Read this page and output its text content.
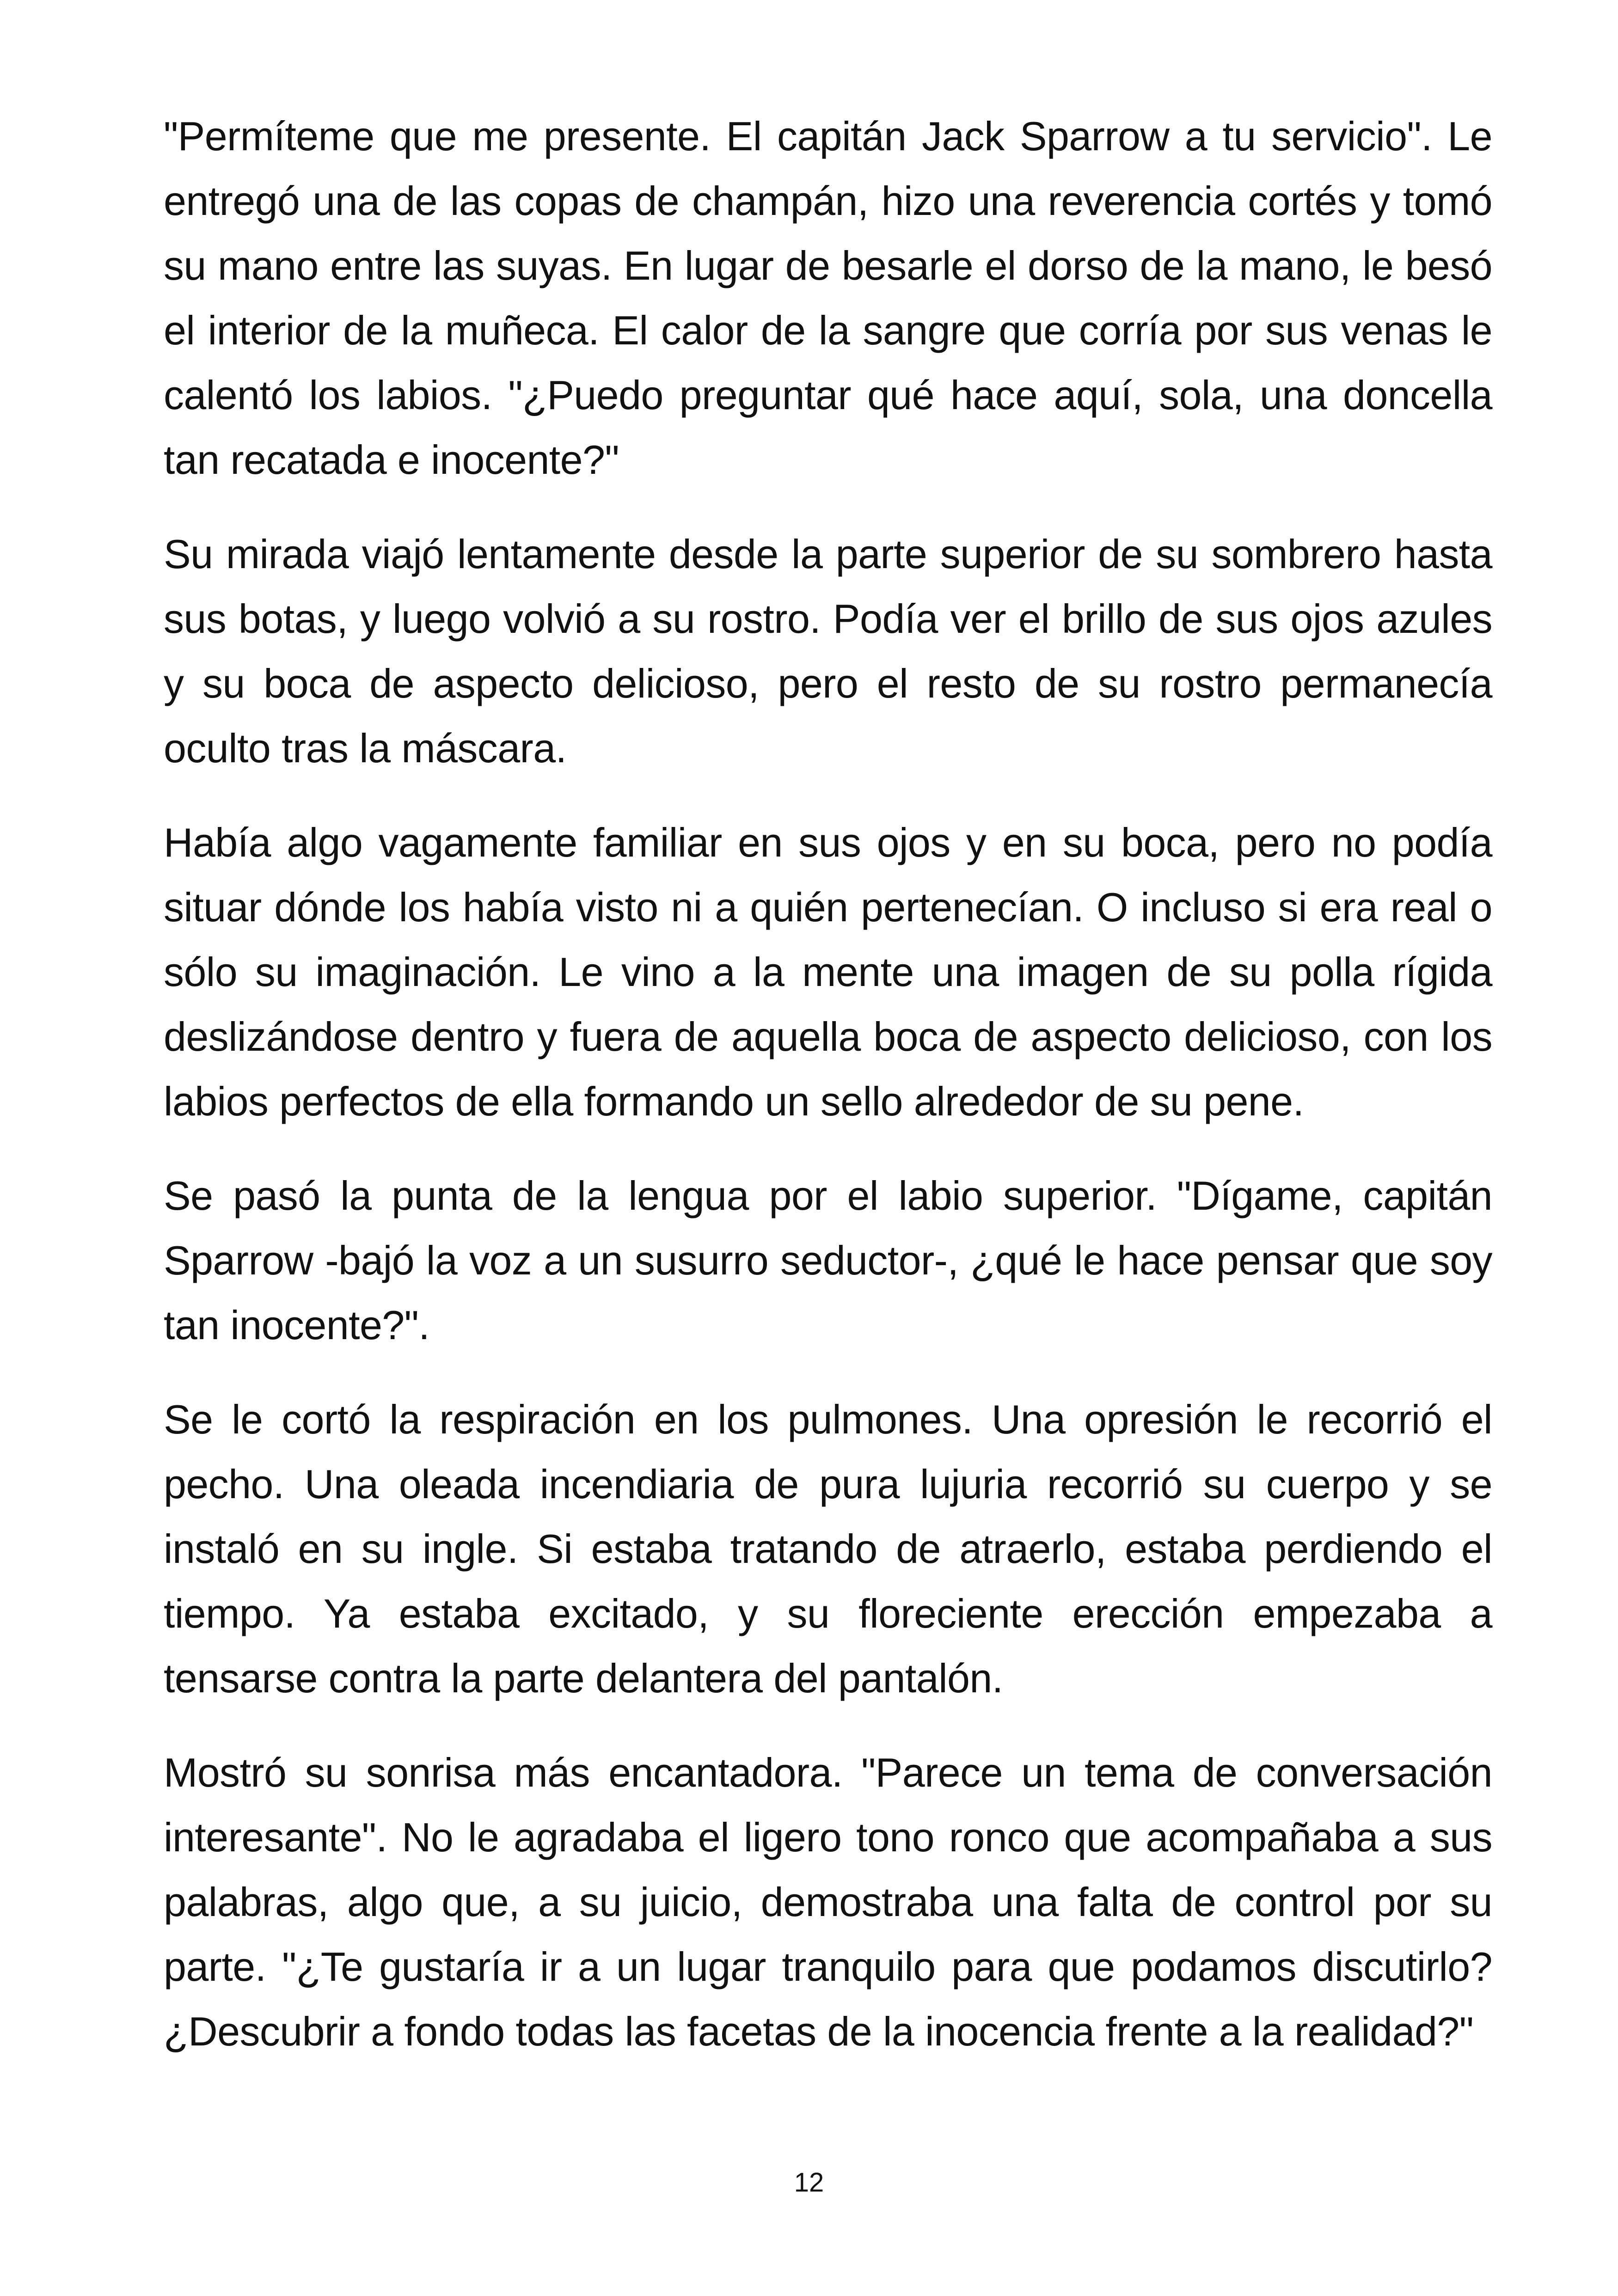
"Permíteme que me presente. El capitán Jack Sparrow a tu servicio". Le entregó una de las copas de champán, hizo una reverencia cortés y tomó su mano entre las suyas. En lugar de besarle el dorso de la mano, le besó el interior de la muñeca. El calor de la sangre que corría por sus venas le calentó los labios. "¿Puedo preguntar qué hace aquí, sola, una doncella tan recatada e inocente?"

Su mirada viajó lentamente desde la parte superior de su sombrero hasta sus botas, y luego volvió a su rostro. Podía ver el brillo de sus ojos azules y su boca de aspecto delicioso, pero el resto de su rostro permanecía oculto tras la máscara.

Había algo vagamente familiar en sus ojos y en su boca, pero no podía situar dónde los había visto ni a quién pertenecían. O incluso si era real o sólo su imaginación. Le vino a la mente una imagen de su polla rígida deslizándose dentro y fuera de aquella boca de aspecto delicioso, con los labios perfectos de ella formando un sello alrededor de su pene.

Se pasó la punta de la lengua por el labio superior. "Dígame, capitán Sparrow -bajó la voz a un susurro seductor-, ¿qué le hace pensar que soy tan inocente?".

Se le cortó la respiración en los pulmones. Una opresión le recorrió el pecho. Una oleada incendiaria de pura lujuria recorrió su cuerpo y se instaló en su ingle. Si estaba tratando de atraerlo, estaba perdiendo el tiempo. Ya estaba excitado, y su floreciente erección empezaba a tensarse contra la parte delantera del pantalón.

Mostró su sonrisa más encantadora. "Parece un tema de conversación interesante". No le agradaba el ligero tono ronco que acompañaba a sus palabras, algo que, a su juicio, demostraba una falta de control por su parte. "¿Te gustaría ir a un lugar tranquilo para que podamos discutirlo? ¿Descubrir a fondo todas las facetas de la inocencia frente a la realidad?"

12
